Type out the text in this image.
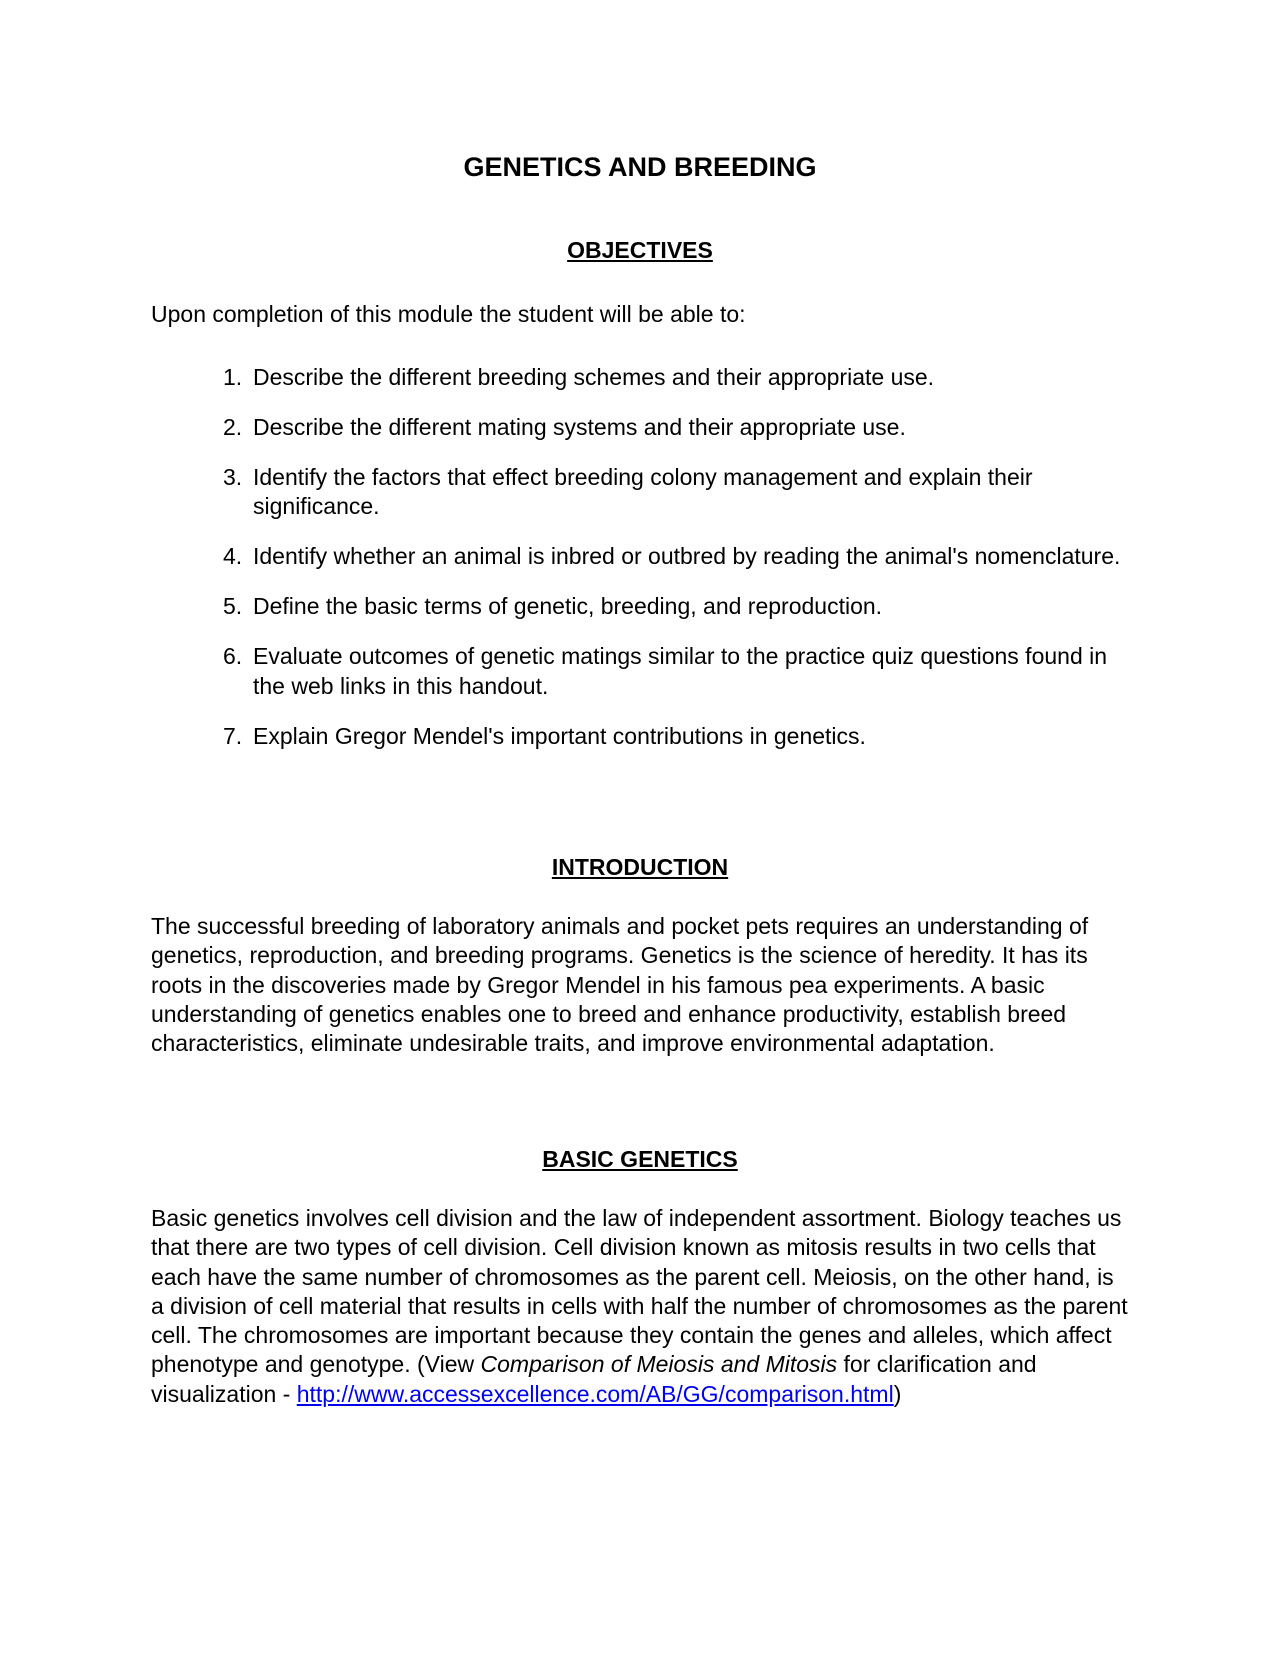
GENETICS AND BREEDING
OBJECTIVES
Upon completion of this module the student will be able to:
1. Describe the different breeding schemes and their appropriate use.
2. Describe the different mating systems and their appropriate use.
3. Identify the factors that effect breeding colony management and explain their significance.
4. Identify whether an animal is inbred or outbred by reading the animal's nomenclature.
5. Define the basic terms of genetic, breeding, and reproduction.
6. Evaluate outcomes of genetic matings similar to the practice quiz questions found in the web links in this handout.
7. Explain Gregor Mendel's important contributions in genetics.
INTRODUCTION
The successful breeding of laboratory animals and pocket pets requires an understanding of genetics, reproduction, and breeding programs. Genetics is the science of heredity. It has its roots in the discoveries made by Gregor Mendel in his famous pea experiments. A basic understanding of genetics enables one to breed and enhance productivity, establish breed characteristics, eliminate undesirable traits, and improve environmental adaptation.
BASIC GENETICS
Basic genetics involves cell division and the law of independent assortment. Biology teaches us that there are two types of cell division. Cell division known as mitosis results in two cells that each have the same number of chromosomes as the parent cell. Meiosis, on the other hand, is a division of cell material that results in cells with half the number of chromosomes as the parent cell. The chromosomes are important because they contain the genes and alleles, which affect phenotype and genotype. (View Comparison of Meiosis and Mitosis for clarification and visualization - http://www.accessexcellence.com/AB/GG/comparison.html)
